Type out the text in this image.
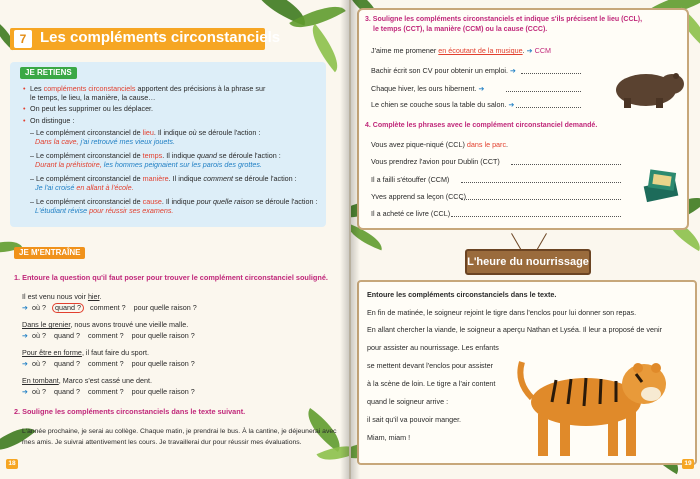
7 Les compléments circonstanciels
JE RETIENS
• Les compléments circonstanciels apportent des précisions à la phrase sur
le temps, le lieu, la manière, la cause…
• On peut les supprimer ou les déplacer.
• On distingue :
– Le complément circonstanciel de lieu. Il indique où se déroule l'action :
Dans la cave, j'ai retrouvé mes vieux jouets.
– Le complément circonstanciel de temps. Il indique quand se déroule l'action :
Durant la préhistoire, les hommes peignaient sur les parois des grottes.
– Le complément circonstanciel de manière. Il indique comment se déroule l'action :
Je l'ai croisé en allant à l'école.
– Le complément circonstanciel de cause. Il indique pour quelle raison se déroule l'action :
L'étudiant révise pour réussir ses examens.
JE M'ENTRAÎNE
1. Entoure la question qu'il faut poser pour trouver le complément circonstanciel souligné.
Il est venu nous voir hier.
➔ où ? quand ? comment ? pour quelle raison ?
Dans le grenier, nous avons trouvé une vieille malle.
➔ où ? quand ? comment ? pour quelle raison ?
Pour être en forme, il faut faire du sport.
➔ où ? quand ? comment ? pour quelle raison ?
En tombant, Marco s'est cassé une dent.
➔ où ? quand ? comment ? pour quelle raison ?
2. Souligne les compléments circonstanciels dans le texte suivant.
L'année prochaine, je serai au collège. Chaque matin, je prendrai le bus. À la cantine, je déjeunerai avec
mes amis. Je suivrai attentivement les cours. Je travaillerai dur pour réussir mes évaluations.
18
3. Souligne les compléments circonstanciels et indique s'ils précisent le lieu (CCL),
le temps (CCT), la manière (CCM) ou la cause (CCC).
J'aime me promener en écoutant de la musique. ➔ CCM
Bachir écrit son CV pour obtenir un emploi. ➔
Chaque hiver, les ours hibernent. ➔
Le chien se couche sous la table du salon. ➔
4. Complète les phrases avec le complément circonstanciel demandé.
Vous avez pique-niqué (CCL) dans le parc.
Vous prendrez l'avion pour Dublin (CCT)
Il a failli s'étouffer (CCM)
Yves apprend sa leçon (CCC)
Il a acheté ce livre (CCL)
L'heure du nourrissage
Entoure les compléments circonstanciels dans le texte.
En fin de matinée, le soigneur rejoint le tigre dans l'enclos pour lui donner son repas.
En allant chercher la viande, le soigneur a aperçu Nathan et Lyséa. Il leur a proposé de venir
pour assister au nourrissage. Les enfants
se mettent devant l'enclos pour assister
à la scène de loin. Le tigre a l'air content
quand le soigneur arrive :
il sait qu'il va pouvoir manger.
Miam, miam !
19
